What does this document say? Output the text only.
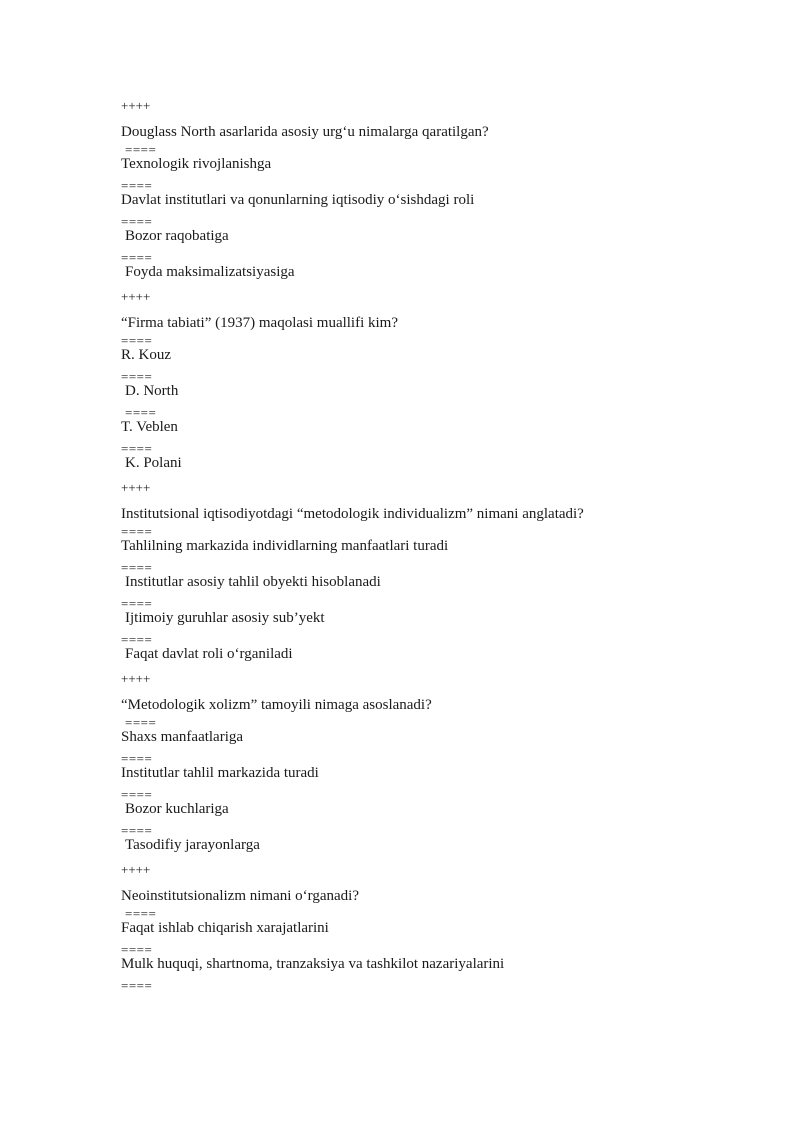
++++
Douglass North asarlarida asosiy urg‘u nimalarga qaratilgan?
====
Texnologik rivojlanishga
====
Davlat institutlari va qonunlarning iqtisodiy o‘sishdagi roli
====
Bozor raqobatiga
====
Foyda maksimalizatsiyasiga
++++
“Firma tabiati” (1937) maqolasi muallifi kim?
====
R. Kouz
====
D. North
====
T. Veblen
====
K. Polani
++++
Institutsional iqtisodiyotdagi “metodologik individualizm” nimani anglatadi?
====
Tahlilning markazida individlarning manfaatlari turadi
====
Institutlar asosiy tahlil obyekti hisoblanadi
====
Ijtimoiy guruhlar asosiy sub’yekt
====
Faqat davlat roli o‘rganiladi
++++
“Metodologik xolizm” tamoyili nimaga asoslanadi?
====
Shaxs manfaatlariga
====
Institutlar tahlil markazida turadi
====
Bozor kuchlariga
====
Tasodifiy jarayonlarga
++++
Neoinstitutsionalizm nimani o‘rganadi?
====
Faqat ishlab chiqarish xarajatlarini
====
Mulk huquqi, shartnoma, tranzaksiya va tashkilot nazariyalarini
====
